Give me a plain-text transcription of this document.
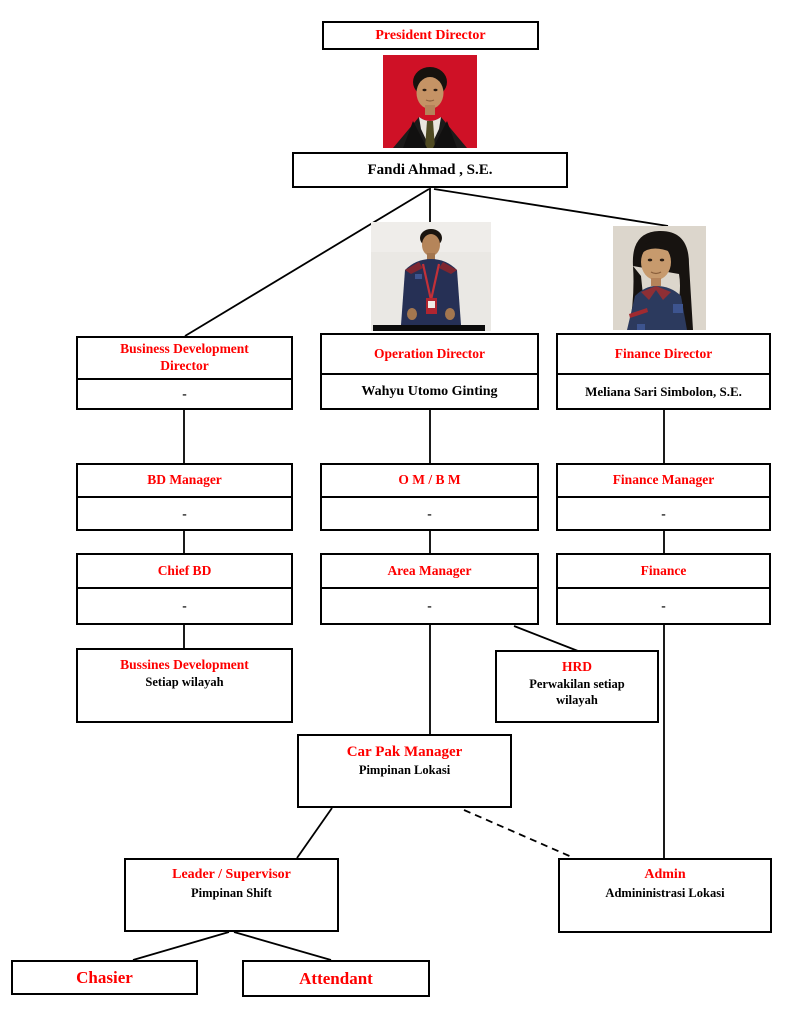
President Director
Fandi Ahmad , S.E.
Business Development Director
-
Operation Director
Wahyu Utomo Ginting
Finance Director
Meliana Sari Simbolon, S.E.
BD Manager
-
O M / B M
-
Finance Manager
-
Chief BD
-
Area Manager
-
Finance
-
Bussines Development
Setiap wilayah
HRD
Perwakilan setiap wilayah
Car Pak Manager
Pimpinan Lokasi
Leader / Supervisor
Pimpinan Shift
Admin
Admininistrasi Lokasi
Chasier	Attendant
